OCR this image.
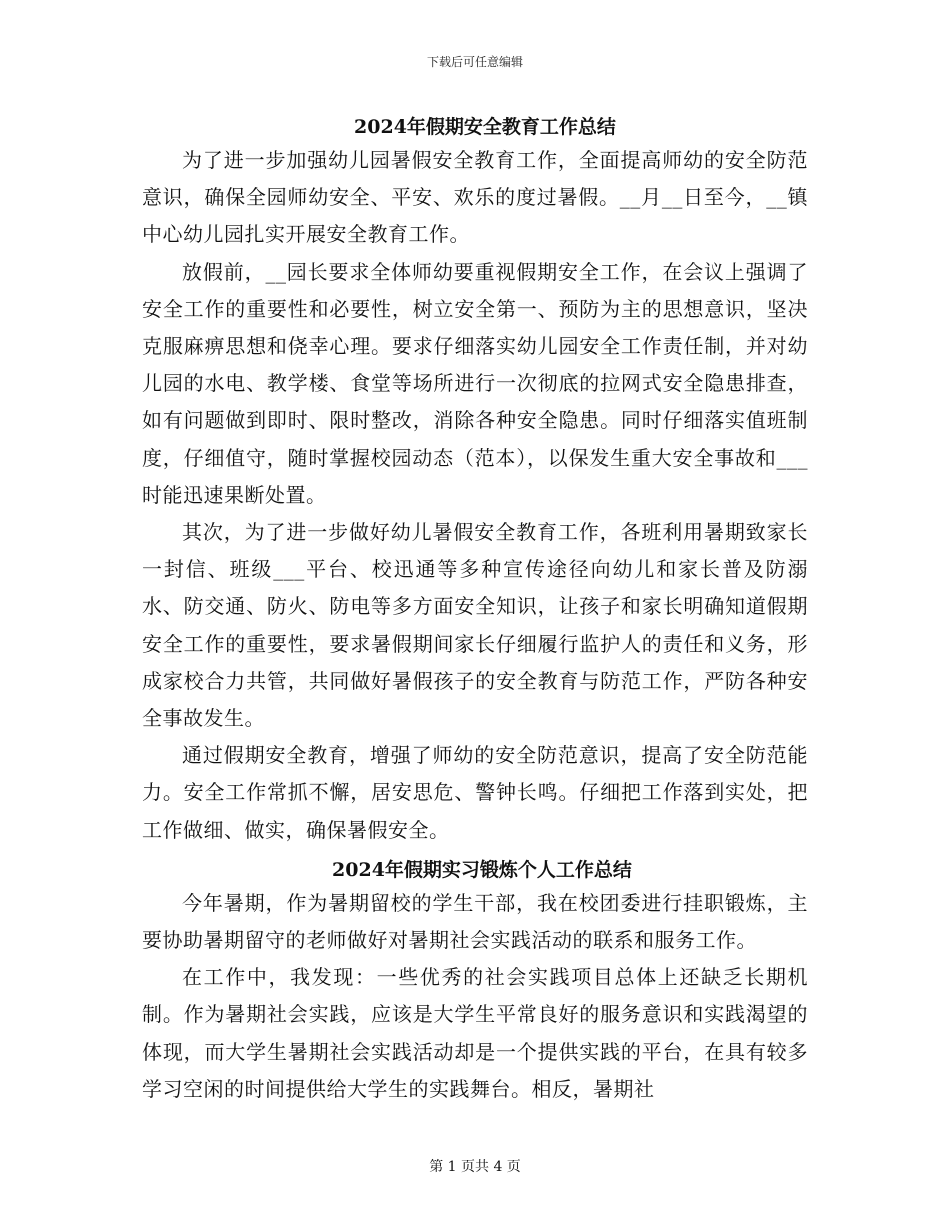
下载后可任意编辑
2024年假期安全教育工作总结

为了进一步加强幼儿园暑假安全教育工作，全面提高师幼的安全防范意识，确保全园师幼安全、平安、欢乐的度过暑假。__月__日至今，__镇中心幼儿园扎实开展安全教育工作。

放假前，__园长要求全体师幼要重视假期安全工作，在会议上强调了安全工作的重要性和必要性，树立安全第一、预防为主的思想意识，坚决克服麻痹思想和侥幸心理。要求仔细落实幼儿园安全工作责任制，并对幼儿园的水电、教学楼、食堂等场所进行一次彻底的拉网式安全隐患排查，如有问题做到即时、限时整改，消除各种安全隐患。同时仔细落实值班制度，仔细值守，随时掌握校园动态（范本），以保发生重大安全事故和___时能迅速果断处置。

其次，为了进一步做好幼儿暑假安全教育工作，各班利用暑期致家长一封信、班级___平台、校迅通等多种宣传途径向幼儿和家长普及防溺水、防交通、防火、防电等多方面安全知识，让孩子和家长明确知道假期安全工作的重要性，要求暑假期间家长仔细履行监护人的责任和义务，形成家校合力共管，共同做好暑假孩子的安全教育与防范工作，严防各种安全事故发生。

通过假期安全教育，增强了师幼的安全防范意识，提高了安全防范能力。安全工作常抓不懈，居安思危、警钟长鸣。仔细把工作落到实处，把工作做细、做实，确保暑假安全。

2024年假期实习锻炼个人工作总结

今年暑期，作为暑期留校的学生干部，我在校团委进行挂职锻炼，主要协助暑期留守的老师做好对暑期社会实践活动的联系和服务工作。

在工作中，我发现：一些优秀的社会实践项目总体上还缺乏长期机制。作为暑期社会实践，应该是大学生平常良好的服务意识和实践渴望的体现，而大学生暑期社会实践活动却是一个提供实践的平台，在具有较多学习空闲的时间提供给大学生的实践舞台。相反，暑期社

第 1 页共 4 页
